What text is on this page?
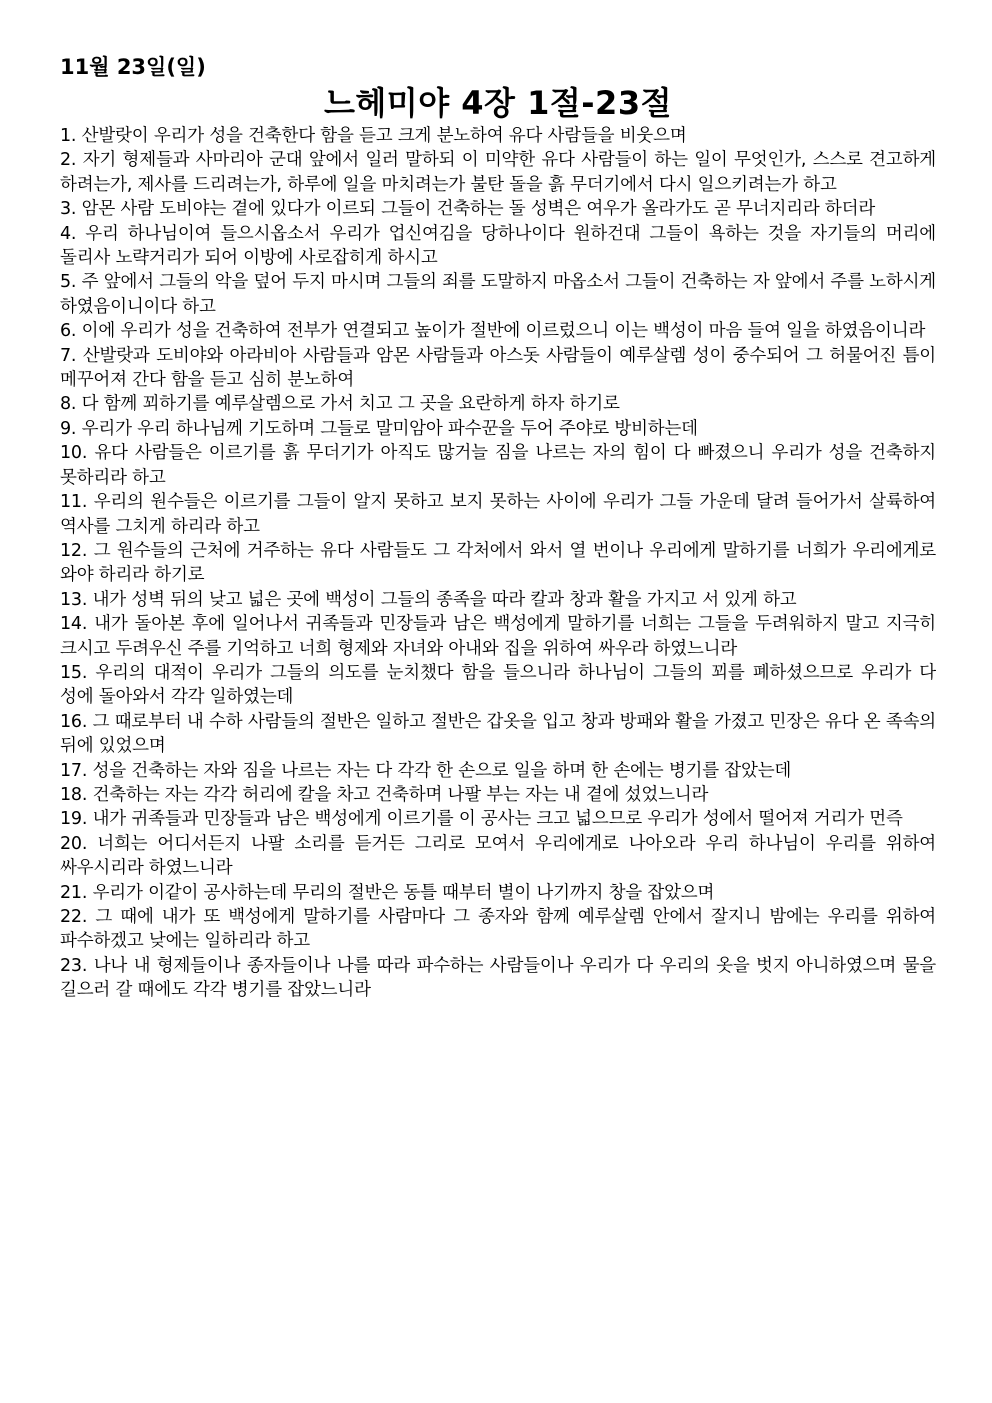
11월 23일(일)
느헤미야 4장 1절-23절
1. 산발랏이 우리가 성을 건축한다 함을 듣고 크게 분노하여 유다 사람들을 비웃으며
2. 자기 형제들과 사마리아 군대 앞에서 일러 말하되 이 미약한 유다 사람들이 하는 일이 무엇인가, 스스로 견고하게 하려는가, 제사를 드리려는가, 하루에 일을 마치려는가 불탄 돌을 흙 무더기에서 다시 일으키려는가 하고
3. 암몬 사람 도비야는 곁에 있다가 이르되 그들이 건축하는 돌 성벽은 여우가 올라가도 곧 무너지리라 하더라
4. 우리 하나님이여 들으시옵소서 우리가 업신여김을 당하나이다 원하건대 그들이 욕하는 것을 자기들의 머리에 돌리사 노략거리가 되어 이방에 사로잡히게 하시고
5. 주 앞에서 그들의 악을 덮어 두지 마시며 그들의 죄를 도말하지 마옵소서 그들이 건축하는 자 앞에서 주를 노하시게 하였음이니이다 하고
6. 이에 우리가 성을 건축하여 전부가 연결되고 높이가 절반에 이르렀으니 이는 백성이 마음 들여 일을 하였음이니라
7. 산발랏과 도비야와 아라비아 사람들과 암몬 사람들과 아스돗 사람들이 예루살렘 성이 중수되어 그 허물어진 틈이 메꾸어져 간다 함을 듣고 심히 분노하여
8. 다 함께 꾀하기를 예루살렘으로 가서 치고 그 곳을 요란하게 하자 하기로
9. 우리가 우리 하나님께 기도하며 그들로 말미암아 파수꾼을 두어 주야로 방비하는데
10. 유다 사람들은 이르기를 흙 무더기가 아직도 많거늘 짐을 나르는 자의 힘이 다 빠졌으니 우리가 성을 건축하지 못하리라 하고
11. 우리의 원수들은 이르기를 그들이 알지 못하고 보지 못하는 사이에 우리가 그들 가운데 달려 들어가서 살륙하여 역사를 그치게 하리라 하고
12. 그 원수들의 근처에 거주하는 유다 사람들도 그 각처에서 와서 열 번이나 우리에게 말하기를 너희가 우리에게로 와야 하리라 하기로
13. 내가 성벽 뒤의 낮고 넓은 곳에 백성이 그들의 종족을 따라 칼과 창과 활을 가지고 서 있게 하고
14. 내가 돌아본 후에 일어나서 귀족들과 민장들과 남은 백성에게 말하기를 너희는 그들을 두려워하지 말고 지극히 크시고 두려우신 주를 기억하고 너희 형제와 자녀와 아내와 집을 위하여 싸우라 하였느니라
15. 우리의 대적이 우리가 그들의 의도를 눈치챘다 함을 들으니라 하나님이 그들의 꾀를 폐하셨으므로 우리가 다 성에 돌아와서 각각 일하였는데
16. 그 때로부터 내 수하 사람들의 절반은 일하고 절반은 갑옷을 입고 창과 방패와 활을 가졌고 민장은 유다 온 족속의 뒤에 있었으며
17. 성을 건축하는 자와 짐을 나르는 자는 다 각각 한 손으로 일을 하며 한 손에는 병기를 잡았는데
18. 건축하는 자는 각각 허리에 칼을 차고 건축하며 나팔 부는 자는 내 곁에 섰었느니라
19. 내가 귀족들과 민장들과 남은 백성에게 이르기를 이 공사는 크고 넓으므로 우리가 성에서 떨어져 거리가 먼즉
20. 너희는 어디서든지 나팔 소리를 듣거든 그리로 모여서 우리에게로 나아오라 우리 하나님이 우리를 위하여 싸우시리라 하였느니라
21. 우리가 이같이 공사하는데 무리의 절반은 동틀 때부터 별이 나기까지 창을 잡았으며
22. 그 때에 내가 또 백성에게 말하기를 사람마다 그 종자와 함께 예루살렘 안에서 잘지니 밤에는 우리를 위하여 파수하겠고 낮에는 일하리라 하고
23. 나나 내 형제들이나 종자들이나 나를 따라 파수하는 사람들이나 우리가 다 우리의 옷을 벗지 아니하였으며 물을 길으러 갈 때에도 각각 병기를 잡았느니라
